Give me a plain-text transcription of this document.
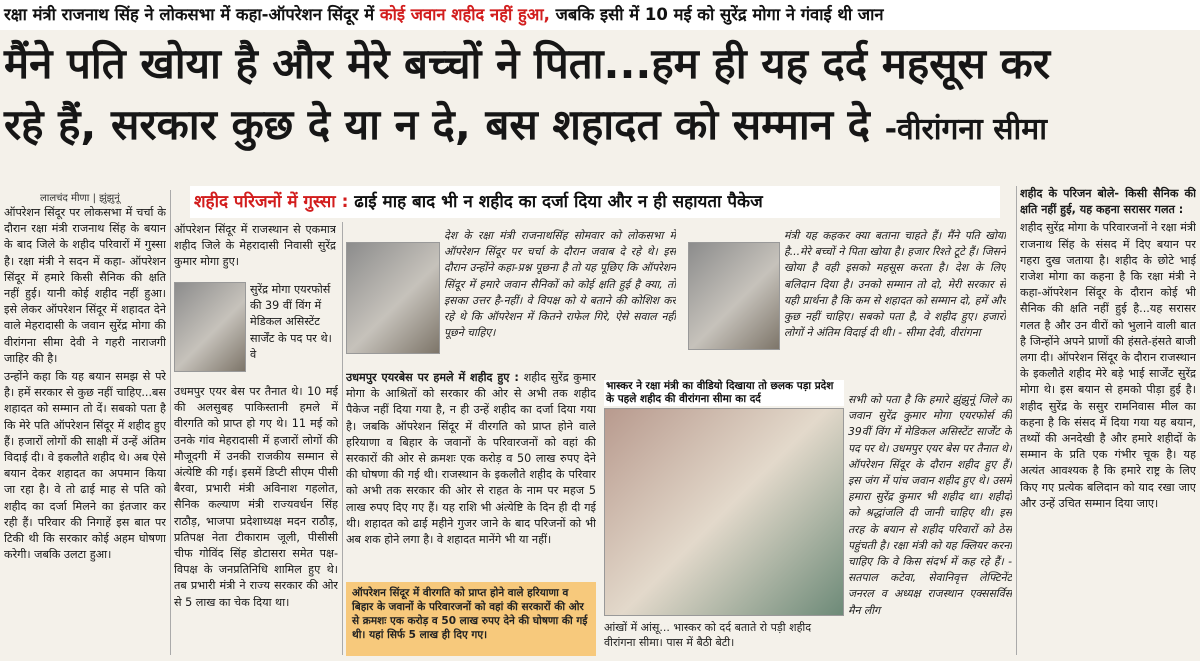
रक्षा मंत्री राजनाथ सिंह ने लोकसभा में कहा-ऑपरेशन सिंदूर में कोई जवान शहीद नहीं हुआ, जबकि इसी में 10 मई को सुरेंद्र मोगा ने गंवाई थी जान
मैंने पति खोया है और मेरे बच्चों ने पिता...हम ही यह दर्द महसूस कर
रहे हैं, सरकार कुछ दे या न दे, बस शहादत को सम्मान दे -वीरांगना सीमा
शहीद परिजनों में गुस्सा : ढाई माह बाद भी न शहीद का दर्जा दिया और न ही सहायता पैकेज
लालचंद मीणा | झुंझुनूं

ऑपरेशन सिंदूर पर लोकसभा में चर्चा के दौरान रक्षा मंत्री राजनाथ सिंह के बयान के बाद जिले के शहीद परिवारों में गुस्सा है। रक्षा मंत्री ने सदन में कहा- ऑपरेशन सिंदूर में हमारे किसी सैनिक की क्षति नहीं हुई। यानी कोई शहीद नहीं हुआ। इसे लेकर ऑपरेशन सिंदूर में शहादत देने वाले मेहरादासी के जवान सुरेंद्र मोगा की वीरांगना सीमा देवी ने गहरी नाराजगी जाहिर की है।

उन्होंने कहा कि यह बयान समझ से परे है। हमें सरकार से कुछ नहीं चाहिए...बस शहादत को सम्मान तो दें। सबको पता है कि मेरे पति ऑपरेशन सिंदूर में शहीद हुए हैं। हजारों लोगों की साक्षी में उन्हें अंतिम विदाई दी। वे इकलौते शहीद थे। अब ऐसे बयान देकर शहादत का अपमान किया जा रहा है। वे तो ढाई माह से पति को शहीद का दर्जा मिलने का इंतजार कर रही हैं। परिवार की निगाहें इस बात पर टिकी थी कि सरकार कोई अहम घोषणा करेगी। जबकि उलटा हुआ।

ऑपरेशन सिंदूर में राजस्थान से एकमात्र शहीद जिले के मेहरादासी निवासी सुरेंद्र कुमार मोगा हुए।
सुरेंद्र मोगा एयरफोर्स की 39 वीं विंग में मेडिकल असिस्टेंट सार्जेंट के पद पर थे। वे
उधमपुर एयर बेस पर तैनात थे। 10 मई की अलसुबह पाकिस्तानी हमले में वीरगति को प्राप्त हो गए थे। 11 मई को उनके गांव मेहरादासी में हजारों लोगों की मौजूदगी में उनकी राजकीय सम्मान से अंत्येष्टि की गई। इसमें डिप्टी सीएम पीसी बैरवा, प्रभारी मंत्री अविनाश गहलोत, सैनिक कल्याण मंत्री राज्यवर्धन सिंह राठौड़, भाजपा प्रदेशाध्यक्ष मदन राठौड़, प्रतिपक्ष नेता टीकाराम जूली, पीसीसी चीफ गोविंद सिंह डोटासरा समेत पक्ष-विपक्ष के जनप्रतिनिधि शामिल हुए थे। तब प्रभारी मंत्री ने राज्य सरकार की ओर से 5 लाख का चेक दिया था।
देश के रक्षा मंत्री राजनाथसिंह सोमवार को लोकसभा में ऑपरेशन सिंदूर पर चर्चा के दौरान जवाब दे रहे थे। इस दौरान उन्होंने कहा-प्रश्न पूछना है तो यह पूछिए कि ऑपरेशन सिंदूर में हमारे जवान सैनिकों को कोई क्षति हुई है क्या, तो इसका उत्तर है-नहीं। वे विपक्ष को ये बताने की कोशिश कर रहे थे कि ऑपरेशन में कितने राफेल गिरे, ऐसे सवाल नहीं पूछने चाहिए।
मंत्री यह कहकर क्या बताना चाहते हैं। मैंने पति खोया है...मेरे बच्चों ने पिता खोया है। हजार रिश्ते टूटे हैं। जिसने खोया है वही इसको महसूस करता है। देश के लिए बलिदान दिया है। उनको सम्मान तो दो, मेरी सरकार से यही प्रार्थना है कि कम से शहादत को सम्मान दो, हमें और कुछ नहीं चाहिए। सबको पता है, वे शहीद हुए। हजारों लोगों ने अंतिम विदाई दी थी। - सीमा देवी, वीरांगना
उधमपुर एयरबेस पर हमले में शहीद हुए : शहीद सुरेंद्र कुमार मोगा के आश्रितों को सरकार की ओर से अभी तक शहीद पैकेज नहीं दिया गया है, न ही उन्हें शहीद का दर्जा दिया गया है। जबकि ऑपरेशन सिंदूर में वीरगति को प्राप्त होने वाले हरियाणा व बिहार के जवानों के परिवारजनों को वहां की सरकारों की ओर से क्रमशः एक करोड़ व 50 लाख रुपए देने की घोषणा की गई थी। राजस्थान के इकलौते शहीद के परिवार को अभी तक सरकार की ओर से राहत के नाम पर महज 5 लाख रुपए दिए गए हैं। यह राशि भी अंत्येष्टि के दिन ही दी गई थी। शहादत को ढाई महीने गुजर जाने के बाद परिजनों को भी अब शक होने लगा है। वे शहादत मानेंगे भी या नहीं।
ऑपरेशन सिंदूर में वीरगति को प्राप्त होने वाले हरियाणा व बिहार के जवानों के परिवारजनों को वहां की सरकारों की ओर से क्रमशः एक करोड़ व 50 लाख रुपए देने की घोषणा की गई थी। यहां सिर्फ 5 लाख ही दिए गए।
भास्कर ने रक्षा मंत्री का वीडियो दिखाया तो छलक पड़ा प्रदेश के पहले शहीद की वीरांगना सीमा का दर्द
आंखों में आंसू... भास्कर को दर्द बताते रो पड़ी शहीद वीरांगना सीमा। पास में बैठी बेटी।
सभी को पता है कि हमारे झुंझुनूं जिले का जवान सुरेंद्र कुमार मोगा एयरफोर्स की 39वीं विंग में मेडिकल असिस्टेंट सार्जेंट के पद पर थे। उधमपुर एयर बेस पर तैनात थे। ऑपरेशन सिंदूर के दौरान शहीद हुए हैं। इस जंग में पांच जवान शहीद हुए थे। उसमें हमारा सुरेंद्र कुमार भी शहीद था। शहीदों को श्रद्धांजलि दी जानी चाहिए थी। इस तरह के बयान से शहीद परिवारों को ठेस पहुंचती है। रक्षा मंत्री को यह क्लियर करना चाहिए कि वे किस संदर्भ में कह रहे हैं। - सतपाल कटेवा, सेवानिवृत्त लेफ्टिनेंट जनरल व अध्यक्ष राजस्थान एक्ससर्विस मैन लीग

शहीद के परिजन बोले- किसी सैनिक की क्षति नहीं हुई, यह कहना सरासर गलत :

शहीद सुरेंद्र मोगा के परिवारजनों ने रक्षा मंत्री राजनाथ सिंह के संसद में दिए बयान पर गहरा दुख जताया है। शहीद के छोटे भाई राजेश मोगा का कहना है कि रक्षा मंत्री ने कहा-ऑपरेशन सिंदूर के दौरान कोई भी सैनिक की क्षति नहीं हुई है...यह सरासर गलत है और उन वीरों को भुलाने वाली बात है जिन्होंने अपने प्राणों की हंसते-हंसते बाजी लगा दी। ऑपरेशन सिंदूर के दौरान राजस्थान के इकलौते शहीद मेरे बड़े भाई सार्जेंट सुरेंद्र मोगा थे। इस बयान से हमको पीड़ा हुई है। शहीद सुरेंद्र के ससुर रामनिवास मील का कहना है कि संसद में दिया गया यह बयान, तथ्यों की अनदेखी है और हमारे शहीदों के सम्मान के प्रति एक गंभीर चूक है। यह अत्यंत आवश्यक है कि हमारे राष्ट्र के लिए किए गए प्रत्येक बलिदान को याद रखा जाए और उन्हें उचित सम्मान दिया जाए।
